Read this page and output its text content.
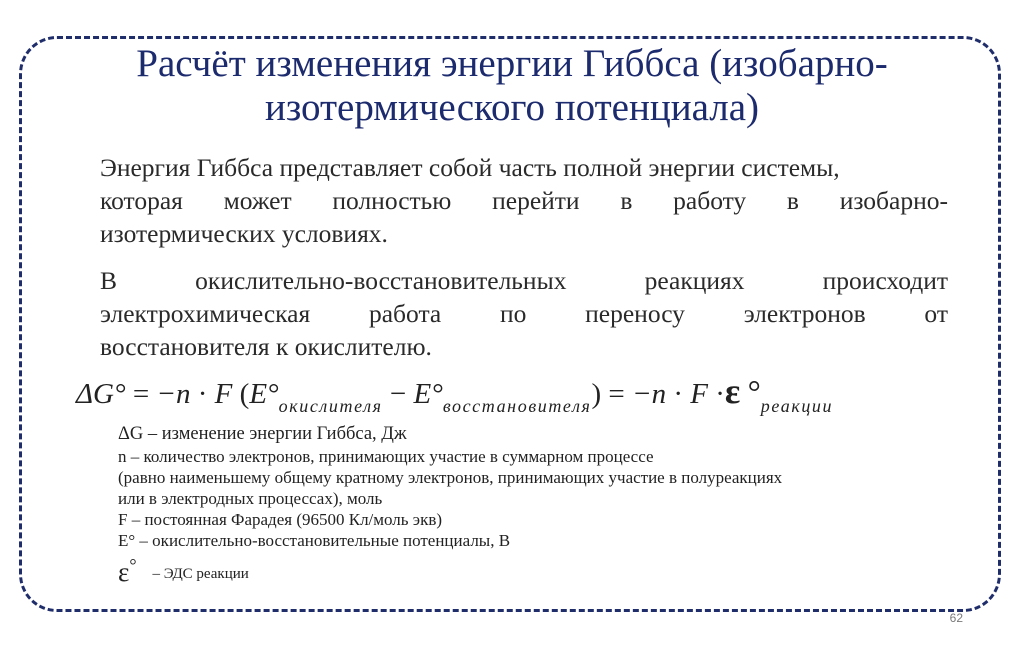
Расчёт изменения энергии Гиббса (изобарно-
изотермического потенциала)
Энергия Гиббса представляет собой часть полной энергии системы,
которая может полностью перейти в работу в изобарно-
изотермических условиях.
В окислительно-восстановительных реакциях происходит
электрохимическая работа по переносу электронов от
восстановителя к окислителю.
ΔG° = −n · F $(E^\circ_{окислителя} - E^\circ_{восстановителя}) = -n \cdot F \cdot\varepsilon$ $^\circ_{реакции}$
ΔG – изменение энергии Гиббса, Дж
n – количество электронов, принимающих участие в суммарном процессе
(равно наименьшему общему кратному электронов, принимающих участие в полуреакциях
или в электродных процессах), моль
F – постоянная Фарадея (96500 Кл/моль экв)
E° – окислительно-восстановительные потенциалы, В
ε° – ЭДС реакции
62
